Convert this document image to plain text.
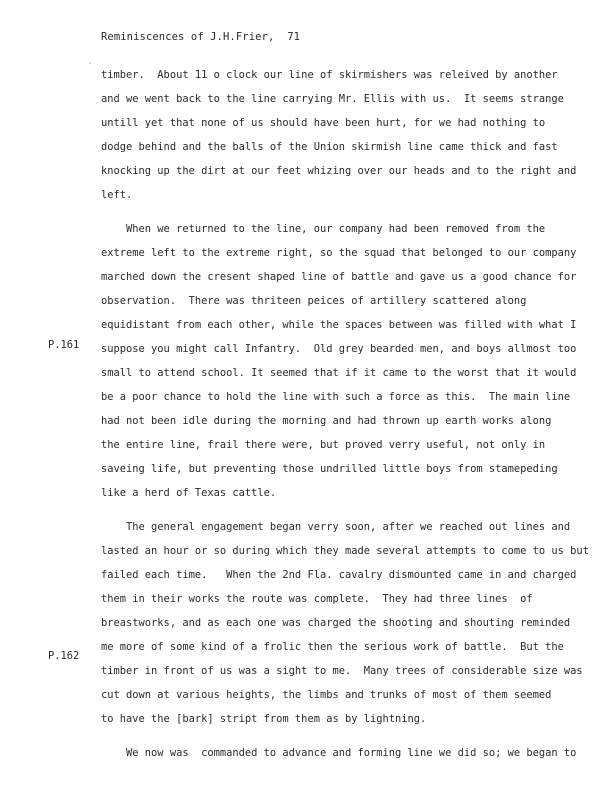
Reminiscences of J.H.Frier,  71
,
P.161
P.162
timber.  About 11 o clock our line of skirmishers was releived by another
and we went back to the line carrying Mr. Ellis with us.  It seems strange
untill yet that none of us should have been hurt, for we had nothing to
dodge behind and the balls of the Union skirmish line came thick and fast
knocking up the dirt at our feet whizing over our heads and to the right and
left.
When we returned to the line, our company had been removed from the
extreme left to the extreme right, so the squad that belonged to our company
marched down the cresent shaped line of battle and gave us a good chance for
observation.  There was thriteen peices of artillery scattered along
equidistant from each other, while the spaces between was filled with what I
suppose you might call Infantry.  Old grey bearded men, and boys allmost too
small to attend school. It seemed that if it came to the worst that it would
be a poor chance to hold the line with such a force as this.  The main line
had not been idle during the morning and had thrown up earth works along
the entire line, frail there were, but proved verry useful, not only in
saveing life, but preventing those undrilled little boys from stamepeding
like a herd of Texas cattle.
The general engagement began verry soon, after we reached out lines and
lasted an hour or so during which they made several attempts to come to us but
failed each time.   When the 2nd Fla. cavalry dismounted came in and charged
them in their works the route was complete.  They had three lines  of
breastworks, and as each one was charged the shooting and shouting reminded
me more of some kind of a frolic then the serious work of battle.  But the
timber in front of us was a sight to me.  Many trees of considerable size was
cut down at various heights, the limbs and trunks of most of them seemed
to have the [bark] stript from them as by lightning.
We now was  commanded to advance and forming line we did so; we began to
